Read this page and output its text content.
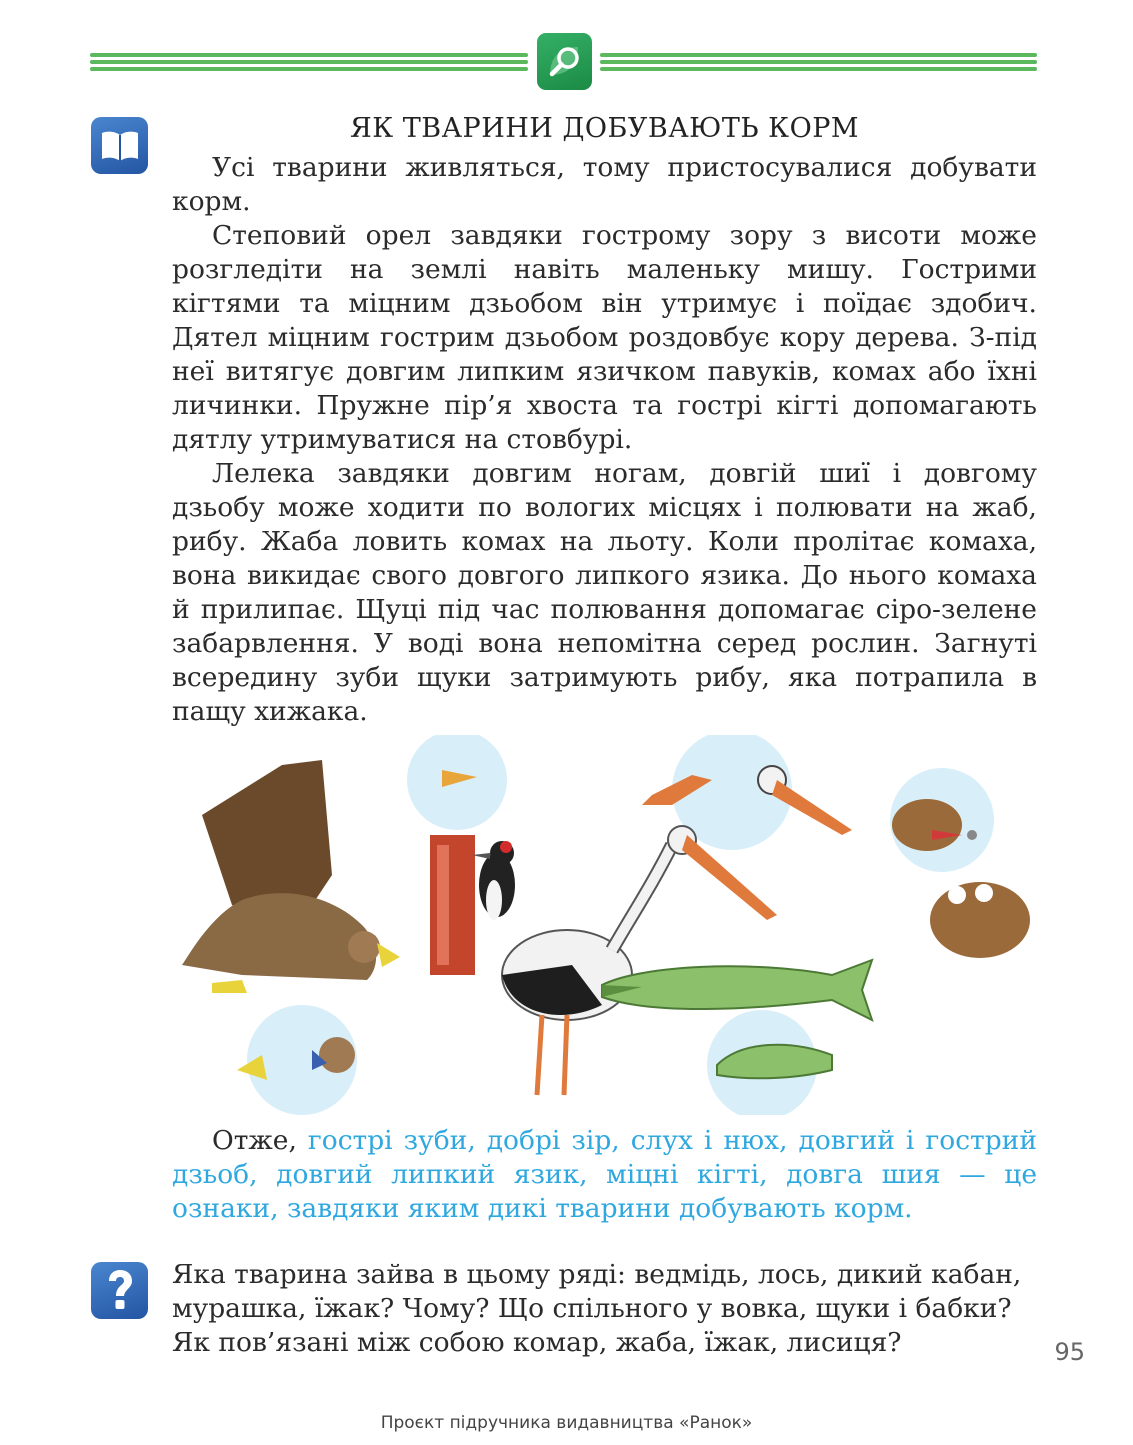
ЯК ТВАРИНИ ДОБУВАЮТЬ КОРМ

Усі тварини живляться, тому пристосувалися добувати корм.

Степовий орел завдяки гострому зору з висоти може розгледіти на землі навіть маленьку мишу. Гострими кігтями та міцним дзьобом він утримує і поїдає здобич. Дятел міцним гострим дзьобом роздовбує кору дерева. З-під неї витягує довгим липким язичком павуків, комах або їхні личинки. Пружне пір’я хвоста та гострі кігті допомагають дятлу утримуватися на стовбурі.

Лелека завдяки довгим ногам, довгій шиї і довгому дзьобу може ходити по вологих місцях і полювати на жаб, рибу. Жаба ловить комах на льоту. Коли пролітає комаха, вона викидає свого довгого липкого язика. До нього комаха й прилипає. Щуці під час полювання допомагає сіро-зелене забарвлення. У воді вона непомітна серед рослин. Загнуті всередину зуби щуки затримують рибу, яка потрапила в пащу хижака.

Отже, гострі зуби, добрі зір, слух і нюх, довгий і гострий дзьоб, довгий липкий язик, міцні кігті, довга шия — це ознаки, завдяки яким дикі тварини добувають корм.
Яка тварина зайва в цьому ряді: ведмідь, лось, дикий кабан, мурашка, їжак? Чому? Що спільного у вовка, щуки і бабки? Як пов’язані між собою комар, жаба, їжак, лисиця?	95
Проєкт підручника видавництва «Ранок»
